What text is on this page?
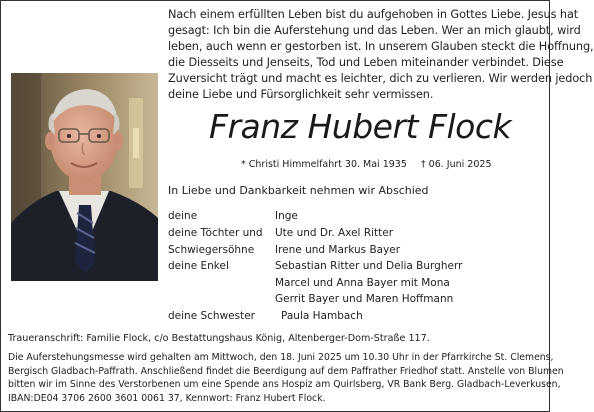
Nach einem erfüllten Leben bist du aufgehoben in Gottes Liebe. Jesus hat
gesagt: Ich bin die Auferstehung und das Leben. Wer an mich glaubt, wird
leben, auch wenn er gestorben ist. In unserem Glauben steckt die Hoffnung,
die Diesseits und Jenseits, Tod und Leben miteinander verbindet. Diese
Zuversicht trägt und macht es leichter, dich zu verlieren. Wir werden jedoch
deine Liebe und Fürsorglichkeit sehr vermissen.
Franz Hubert Flock
* Christi Himmelfahrt 30. Mai 1935 † 06. Juni 2025
In Liebe und Dankbarkeit nehmen wir Abschied
deine	Inge
deine Töchter und Ute und Dr. Axel Ritter
Schwiegersöhne Irene und Markus Bayer
deine Enkel	Sebastian Ritter und Delia Burgherr
Marcel und Anna Bayer mit Mona
Gerrit Bayer und Maren Hoffmann
deine Schwester Paula Hambach
Traueranschrift: Familie Flock, c/o Bestattungshaus König, Altenberger-Dom-Straße 117.
Die Auferstehungsmesse wird gehalten am Mittwoch, den 18. Juni 2025 um 10.30 Uhr in der Pfarrkirche St. Clemens,
Bergisch Gladbach-Paffrath. Anschließend findet die Beerdigung auf dem Paffrather Friedhof statt. Anstelle von Blumen
bitten wir im Sinne des Verstorbenen um eine Spende ans Hospiz am Quirlsberg, VR Bank Berg. Gladbach-Leverkusen,
IBAN:DE04 3706 2600 3601 0061 37, Kennwort: Franz Hubert Flock.
